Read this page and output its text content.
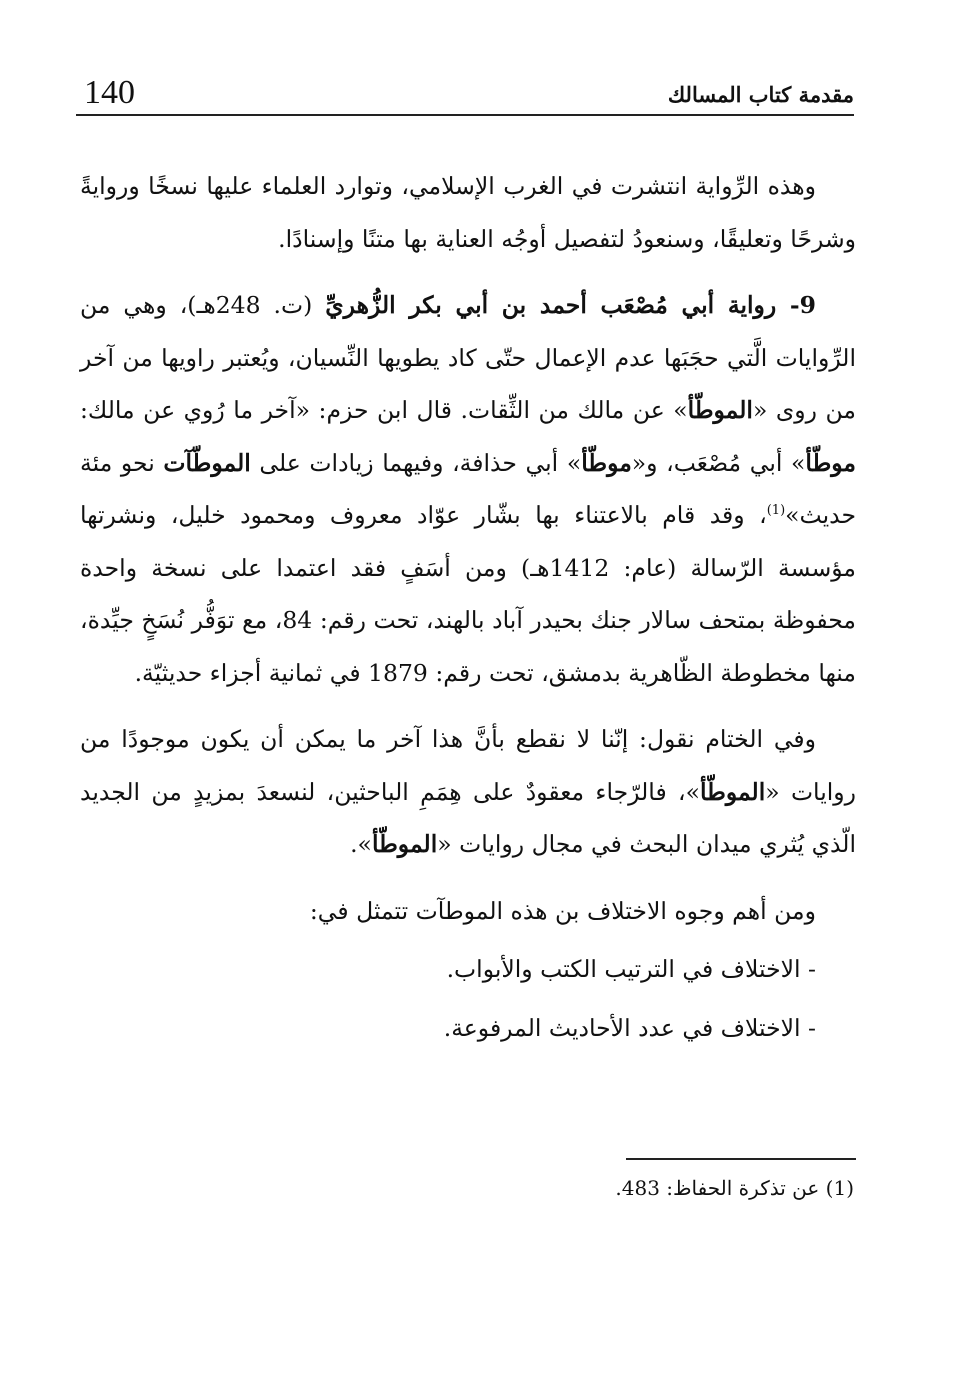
140	مقدمة كتاب المسالك

وهذه الرِّواية انتشرت في الغرب الإسلامي، وتوارد العلماء عليها نسخًا وروايةً وشرحًا وتعليقًا، وسنعودُ لتفصيل أوجُه العناية بها متنًا وإسنادًا.

9- رواية أبي مُصْعَب أحمد بن أبي بكر الزُّهريِّ (ت. 248هـ)، وهي من الرِّوايات الَّتي حجَبَها عدم الإعمال حتّى كاد يطويها النِّسيان، ويُعتبر راويها من آخر من روى «الموطّأ» عن مالك من الثِّقات. قال ابن حزم: «آخر ما رُوي عن مالك: موطّأ» أبي مُصْعَب، و«موطّأ» أبي حذافة، وفيهما زيادات على الموطّآت نحو مئة حديث»$^{(1)}$، وقد قام بالاعتناء بها بشّار عوّاد معروف ومحمود خليل، ونشرتها مؤسسة الرّسالة (عام: 1412هـ) ومن أسَفٍ فقد اعتمدا على نسخة واحدة محفوظة بمتحف سالار جنك بحيدر آباد بالهند، تحت رقم: 84، مع توَفُّر نُسَخٍ جيِّدة، منها مخطوطة الظّاهرية بدمشق، تحت رقم: 1879 في ثمانية أجزاء حديثيّة.

وفي الختام نقول: إنّنا لا نقطع بأنَّ هذا آخر ما يمكن أن يكون موجودًا من روايات «الموطّأ»، فالرّجاء معقودٌ على هِمَمِ الباحثين، لنسعدَ بمزيدٍ من الجديد الّذي يُثري ميدان البحث في مجال روايات «الموطّأ».

ومن أهم وجوه الاختلاف بن هذه الموطآت تتمثل في:

- الاختلاف في الترتيب الكتب والأبواب.

- الاختلاف في عدد الأحاديث المرفوعة.

(1) عن تذكرة الحفاظ: 483.
